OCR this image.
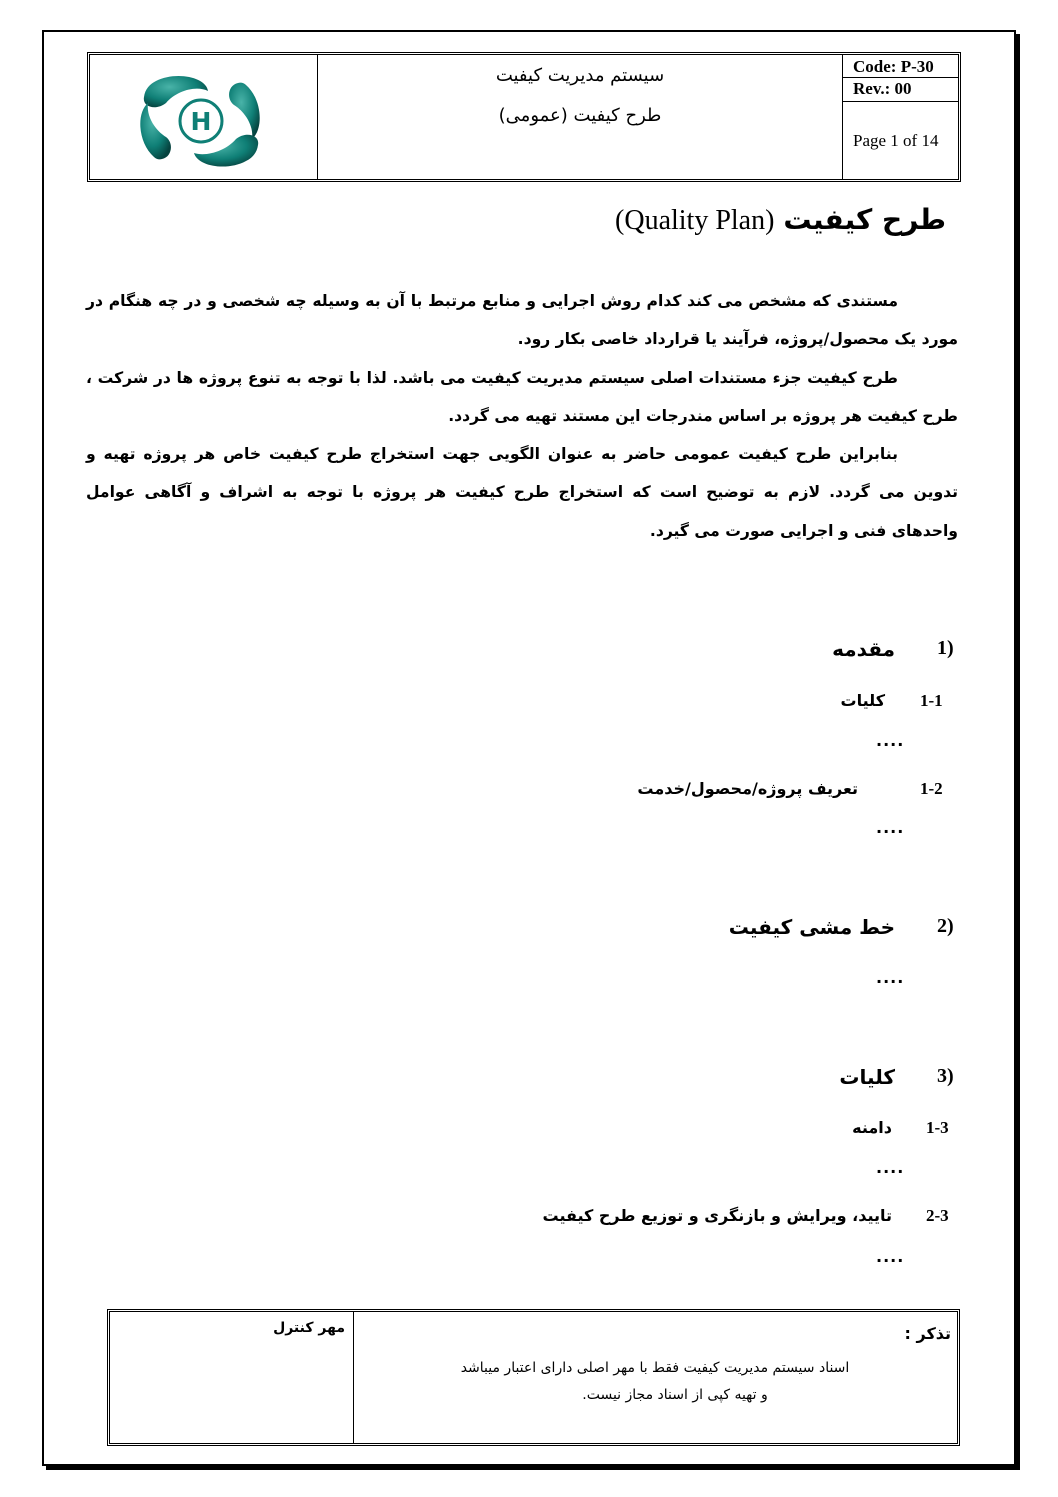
H
سیستم مدیریت کیفیت
طرح کیفیت (عمومی)
Code: P-30
Rev.: 00
Page 1 of 14
طرح کیفیت (Quality Plan)

مستندی که مشخص می کند کدام روش اجرایی و منابع مرتبط با آن به وسیله چه شخصی و در چه هنگام در مورد یک محصول/پروژه، فرآیند یا قرارداد خاصی بکار رود.

طرح کیفیت جزء مستندات اصلی سیستم مدیریت کیفیت می باشد. لذا با توجه به تنوع پروژه ها در شرکت ، طرح کیفیت هر پروژه بر اساس مندرجات این مستند تهیه می گردد.

بنابراین طرح کیفیت عمومی حاضر به عنوان الگویی جهت استخراج طرح کیفیت خاص هر پروژه تهیه و تدوین می گردد. لازم به توضیح است که استخراج طرح کیفیت هر پروژه با توجه به اشراف و آگاهی عوامل واحدهای فنی و اجرایی صورت می گیرد.

1)
مقدمه
1-1
کلیات
....
1-2
تعریف پروژه/محصول/خدمت
....
2)
خط مشی کیفیت
....
3)
کلیات
1-3
دامنه
....
2-3
تایید، ویرایش و بازنگری و توزیع طرح کیفیت
....
مهر کنترل	تذکر :
اسناد سیستم مدیریت کیفیت فقط با مهر اصلی دارای اعتبار میباشد
و تهیه کپی از اسناد مجاز نیست.
